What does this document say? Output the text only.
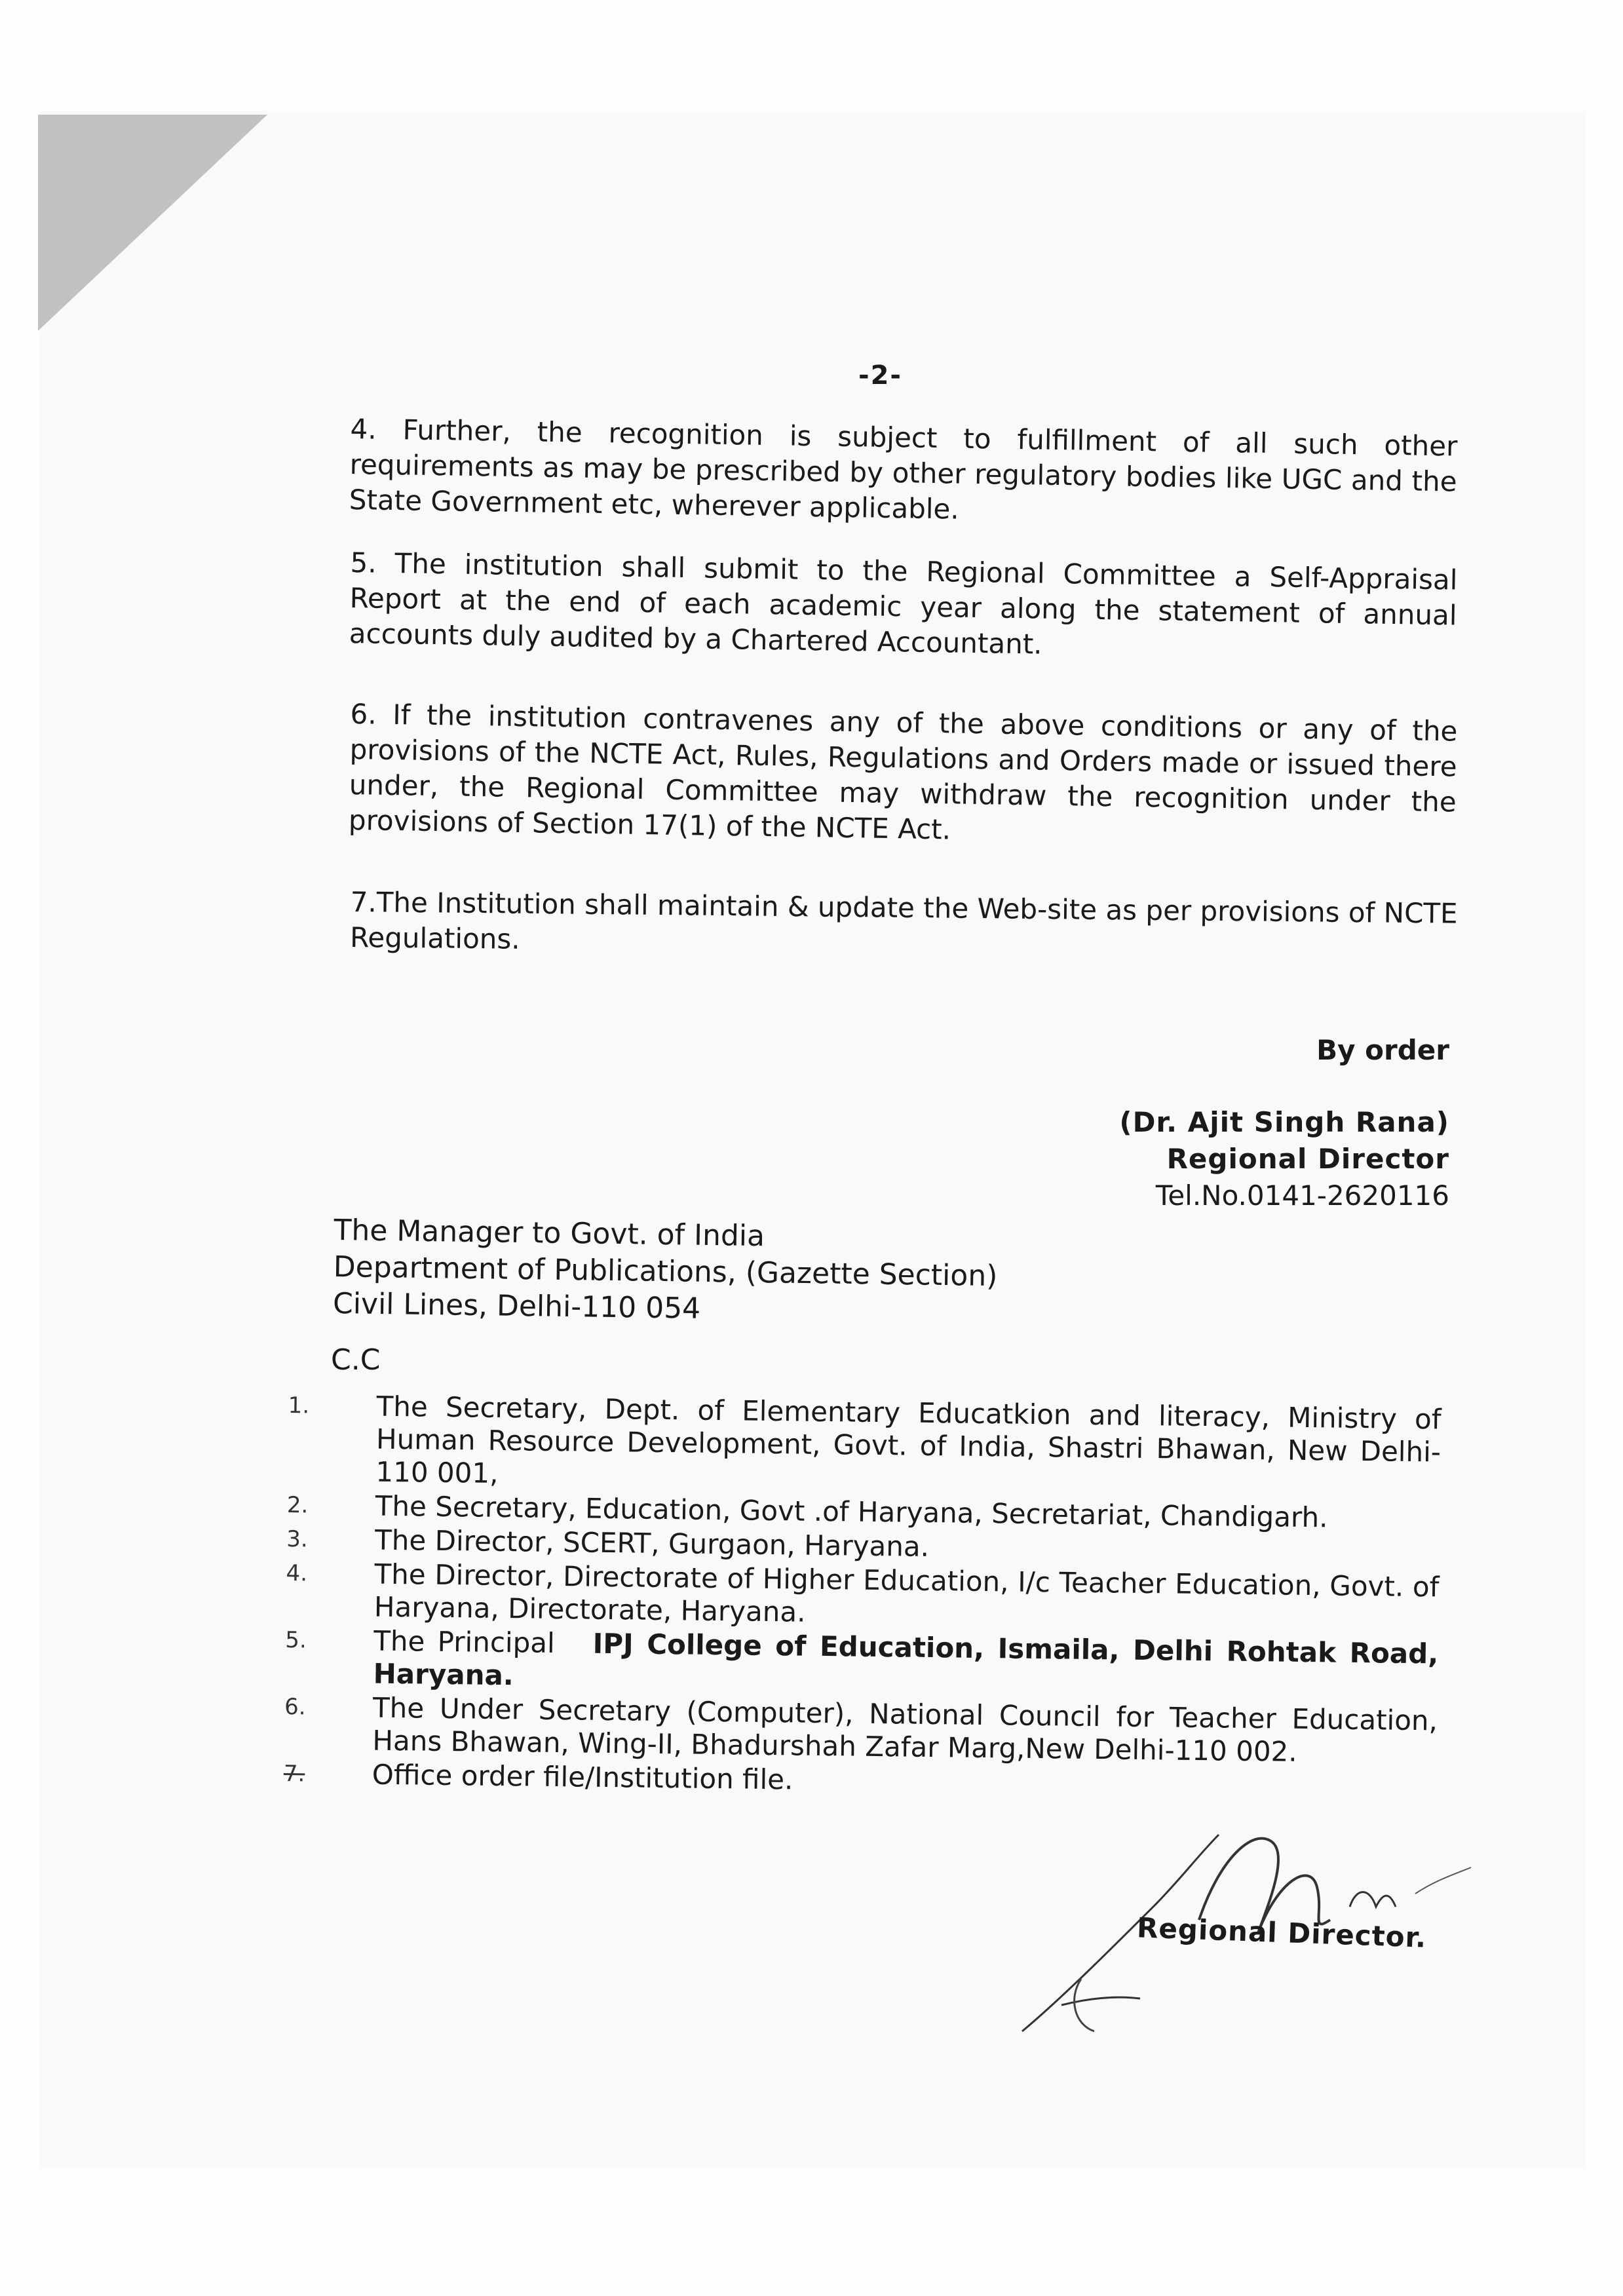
-2-

4. Further, the recognition is subject to fulfillment of all such other requirements as may be prescribed by other regulatory bodies like UGC and the State Government etc, wherever applicable.

5. The institution shall submit to the Regional Committee a Self-Appraisal Report at the end of each academic year along the statement of annual accounts duly audited by a Chartered Accountant.

6. If the institution contravenes any of the above conditions or any of the provisions of the NCTE Act, Rules, Regulations and Orders made or issued there under, the Regional Committee may withdraw the recognition under the provisions of Section 17(1) of the NCTE Act.

7.The Institution shall maintain & update the Web-site as per provisions of NCTE Regulations.

By order
(Dr. Ajit Singh Rana)
Regional Director
Tel.No.0141-2620116
The Manager to Govt. of India
Department of Publications, (Gazette Section)
Civil Lines, Delhi-110 054
C.C
1.	The Secretary, Dept. of Elementary Educatkion and literacy, Ministry of Human Resource Development, Govt. of India, Shastri Bhawan, New Delhi-110 001,
2.	The Secretary, Education, Govt .of Haryana, Secretariat, Chandigarh.
3.	The Director, SCERT, Gurgaon, Haryana.
4.	The Director, Directorate of Higher Education, I/c Teacher Education, Govt. of Haryana, Directorate, Haryana.
5.	The Principal IPJ College of Education, Ismaila, Delhi Rohtak Road, Haryana.
6.	The Under Secretary (Computer), National Council for Teacher Education, Hans Bhawan, Wing-II, Bhadurshah Zafar Marg,New Delhi-110 002.
7.	Office order file/Institution file.
Regional Director.
